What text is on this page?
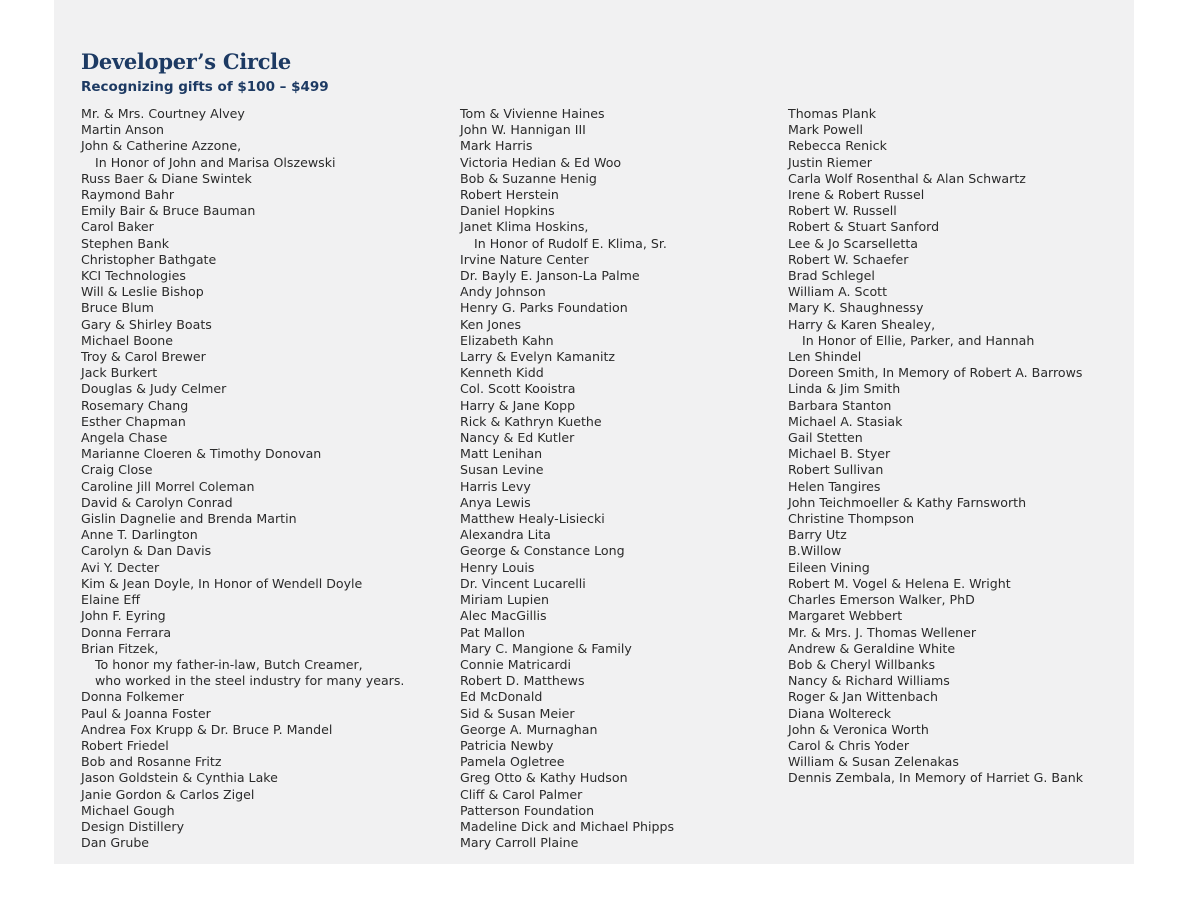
Developer’s Circle

Recognizing gifts of $100 – $499

Mr. & Mrs. Courtney Alvey
Martin Anson
John & Catherine Azzone,
In Honor of John and Marisa Olszewski
Russ Baer & Diane Swintek
Raymond Bahr
Emily Bair & Bruce Bauman
Carol Baker
Stephen Bank
Christopher Bathgate
KCI Technologies
Will & Leslie Bishop
Bruce Blum
Gary & Shirley Boats
Michael Boone
Troy & Carol Brewer
Jack Burkert
Douglas & Judy Celmer
Rosemary Chang
Esther Chapman
Angela Chase
Marianne Cloeren & Timothy Donovan
Craig Close
Caroline Jill Morrel Coleman
David & Carolyn Conrad
Gislin Dagnelie and Brenda Martin
Anne T. Darlington
Carolyn & Dan Davis
Avi Y. Decter
Kim & Jean Doyle, In Honor of Wendell Doyle
Elaine Eff
John F. Eyring
Donna Ferrara
Brian Fitzek,
To honor my father-in-law, Butch Creamer,
who worked in the steel industry for many years.
Donna Folkemer
Paul & Joanna Foster
Andrea Fox Krupp & Dr. Bruce P. Mandel
Robert Friedel
Bob and Rosanne Fritz
Jason Goldstein & Cynthia Lake
Janie Gordon & Carlos Zigel
Michael Gough
Design Distillery
Dan Grube
Tom & Vivienne Haines
John W. Hannigan III
Mark Harris
Victoria Hedian & Ed Woo
Bob & Suzanne Henig
Robert Herstein
Daniel Hopkins
Janet Klima Hoskins,
In Honor of Rudolf E. Klima, Sr.
Irvine Nature Center
Dr. Bayly E. Janson-La Palme
Andy Johnson
Henry G. Parks Foundation
Ken Jones
Elizabeth Kahn
Larry & Evelyn Kamanitz
Kenneth Kidd
Col. Scott Kooistra
Harry & Jane Kopp
Rick & Kathryn Kuethe
Nancy & Ed Kutler
Matt Lenihan
Susan Levine
Harris Levy
Anya Lewis
Matthew Healy-Lisiecki
Alexandra Lita
George & Constance Long
Henry Louis
Dr. Vincent Lucarelli
Miriam Lupien
Alec MacGillis
Pat Mallon
Mary C. Mangione & Family
Connie Matricardi
Robert D. Matthews
Ed McDonald
Sid & Susan Meier
George A. Murnaghan
Patricia Newby
Pamela Ogletree
Greg Otto & Kathy Hudson
Cliff & Carol Palmer
Patterson Foundation
Madeline Dick and Michael Phipps
Mary Carroll Plaine
Thomas Plank
Mark Powell
Rebecca Renick
Justin Riemer
Carla Wolf Rosenthal & Alan Schwartz
Irene & Robert Russel
Robert W. Russell
Robert & Stuart Sanford
Lee & Jo Scarselletta
Robert W. Schaefer
Brad Schlegel
William A. Scott
Mary K. Shaughnessy
Harry & Karen Shealey,
In Honor of Ellie, Parker, and Hannah
Len Shindel
Doreen Smith, In Memory of Robert A. Barrows
Linda & Jim Smith
Barbara Stanton
Michael A. Stasiak
Gail Stetten
Michael B. Styer
Robert Sullivan
Helen Tangires
John Teichmoeller & Kathy Farnsworth
Christine Thompson
Barry Utz
B.Willow
Eileen Vining
Robert M. Vogel & Helena E. Wright
Charles Emerson Walker, PhD
Margaret Webbert
Mr. & Mrs. J. Thomas Wellener
Andrew & Geraldine White
Bob & Cheryl Willbanks
Nancy & Richard Williams
Roger & Jan Wittenbach
Diana Woltereck
John & Veronica Worth
Carol & Chris Yoder
William & Susan Zelenakas
Dennis Zembala, In Memory of Harriet G. Bank
